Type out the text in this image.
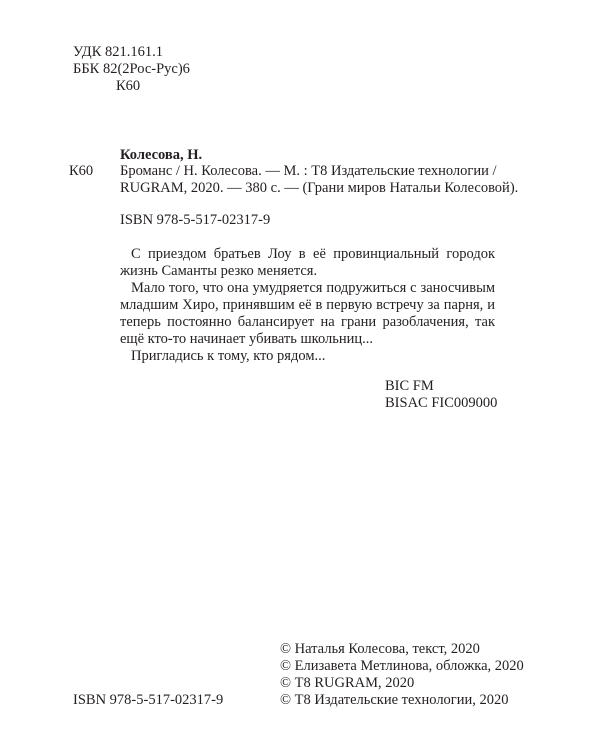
УДК 821.161.1
ББК 82(2Рос-Рус)6
К60
Колесова, Н.
К60 Броманс / Н. Колесова. — М. : Т8 Издательские технологии /
RUGRAM, 2020. — 380 с. — (Грани миров Натальи Колесовой).
ISBN 978-5-517-02317-9
С приездом братьев Лоу в её провинциальный городок
жизнь Саманты резко меняется.
Мало того, что она умудряется подружиться с заносчивым
младшим Хиро, принявшим её в первую встречу за парня, и
теперь постоянно балансирует на грани разоблачения, так
ещё кто-то начинает убивать школьниц...
Пригладись к тому, кто рядом...
BIC FM
BISAC FIC009000
ISBN 978-5-517-02317-9
© Наталья Колесова, текст, 2020
© Елизавета Метлинова, обложка, 2020
© Т8 RUGRAM, 2020
© Т8 Издательские технологии, 2020
